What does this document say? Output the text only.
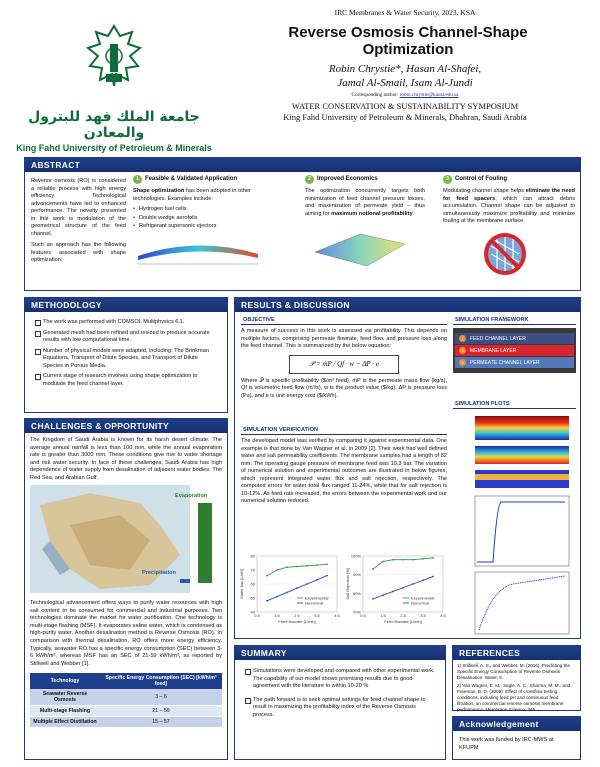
جامعة الملك فهد للبترول والمعادن
King Fahd University of Petroleum & Minerals
IRC Membranes & Water Security, 2023, KSA
Reverse Osmosis Channel-Shape Optimization
Robin Chrystie*, Hasan Al-Shafei,
Jamal Al-Smail, Isam Al-Jundi
Corresponding author: robin.chrystie@kaust.edu.sa
WATER CONSERVATION & SUSTAINABILITY SYMPOSIUM
King Fahd University of Petroleum & Minerals, Dhahran, Saudi Arabia
ABSTRACT

Reverse osmosis (RO) is considered a reliable process with high energy efficiency. Technological advancements have led to enhanced performance. The novelty presented in this work is modulation of the geometrical structure of the feed channel.

Such an approach has the following features associated with shape optimization:

1	Feasible & Validated Application

Shape optimization has been adopted in other technologies. Examples include:

• Hydrogen fuel cells
• Double wedge aerofoils
• Refrigerant supersonic ejectors
2	Improved Economics

The optimization concurrently targets both minimization of feed channel pressure losses, and maximization of permeate yield – thus aiming for maximum notional profitability.

3	Control of Fouling

Modulating channel shape helps eliminate the need for feed spacers, which can attract debris accumulation. Channel shape can be adjusted to simultaneously maximize profitability and minimize fouling at the membrane surface.

METHODOLOGY
The work was performed with COMSOL Multiphysics 6.1.
Generated mesh had been refined and resized to produce accurate results with low computational time.
Number of physical models were adapted, including: The Brinkman Equations, Transport of Dilute Species, and Transport of Dilute Species in Porous Media.
Current stage of research involves using shape optimization to modulate the feed channel layer.
CHALLENGES & OPPORTUNITY

The Kingdom of Saudi Arabia is known for its harsh desert climate. The average annual rainfall is less than 100 mm, while the annual evaporation rate is greater than 3000 mm. These conditions give rise to water shortage and risk water security. In face of these challenges, Saudi Arabia has high dependence of water supply from desalination of adjacent water bodies: The Red Sea, and Arabian Gulf.

Evaporation
Precipitation

Technological advancement offers ways to purify water resources with high salt content to be consumed for commercial and industrial purposes. Two technologies dominate the market for water purification. One technology is multi-stage flashing (MSF). It evaporates saline water, which is condensed as high-purity water. Another desalination method is Reverse Osmosis (RO). In comparison with thermal desalination, RO offers more energy efficiency. Typically, seawater RO has a specific energy consumption (SEC) between 3-6 kWh/m³, whereas MSF has an SEC of 21-59 kWh/m³, as reported by Stillwell and Webber [1].

Technology	Specific Energy Consumption (SEC) [kWh/m³ feed]
Seawater Reverse Osmosis	3 – 6
Multi-stage Flashing	21 – 59
Multiple Effect Distillation	15 – 57
RESULTS & DISCUSSION
OBJECTIVE

A measure of success in this work is assessed via profitability. This depends on multiple factors, comprising permeate flowrate, feed flow, and pressure loss along the feed channel. This is summarized by the below equation:

𝒫 = ṁP / Qf · w − ΔP · e

Where 𝒫 is specific profitability ($/m³ feed), ṁP is the permeate mass flow (kg/s), Qf is volumetric feed flow (m³/s), w is the product value ($/kg), ΔP is pressure loss (Pa), and e is unit energy cost ($/kWh).

SIMULATION VERIFICATION

The developed model was verified by comparing it against experimental data. One example is that done by Van Wagner et al. in 2009 [2]. Their work had well defined water and salt permeability coefficients. The membrane samples had a length of 82 mm. The operating gauge pressure of membrane feed was 10.3 bar. The variation of numerical solution and experimental outcomes are illustrated in below figures, which represent integrated water flux and salt rejection, respectively. The computed errors for water total flux ranged 11-24%, while that for salt rejection is 10-12%. As feed rate increased, the errors between the experimental work and our numerical solution reduced.

40
50
60
70
80
0.5	1.5	2.5	3.5	4.5
Feed flowrate [L/min]
Water flux [LMH]	Experimental
Numerical
70%
80%
90%
100%
0.5	1.5	2.5	3.5	4.5
Feed flowrate [L/min]
Salt Rejection [%]	Experimental
Numerical
SIMULATION FRAMEWORK
1	FEED CHANNEL LAYER
2	MEMBRANE LAYER
3	PERMEATE CHANNEL LAYER
SIMULATION PLOTS
SUMMARY
Simulations were developed and compared with other experimental work. The capability of our model shows promising results due to good agreement with the literature to within 10-20 %
The path forward is to seek optimal settings for feed channel shape to result in maximizing the profitability index of the Reverse Osmosis process.
REFERENCES

1) Stillwell, A. S., and Webber, M. (2016). Predicting the Specific Energy Consumption of Reverse Osmosis Desalination. Water, 8.

2) Van Wagner, E. M., Sagle, A. C., Sharma, M. M., and Freeman, B. D. (2009). Effect of crossflow testing conditions, including feed pH and continuous feed filtration, on commercial reverse osmosis membrane performance. Membrane Science, 345.

Acknowledgement

This work was funded by IRC-MWS at KFUPM
